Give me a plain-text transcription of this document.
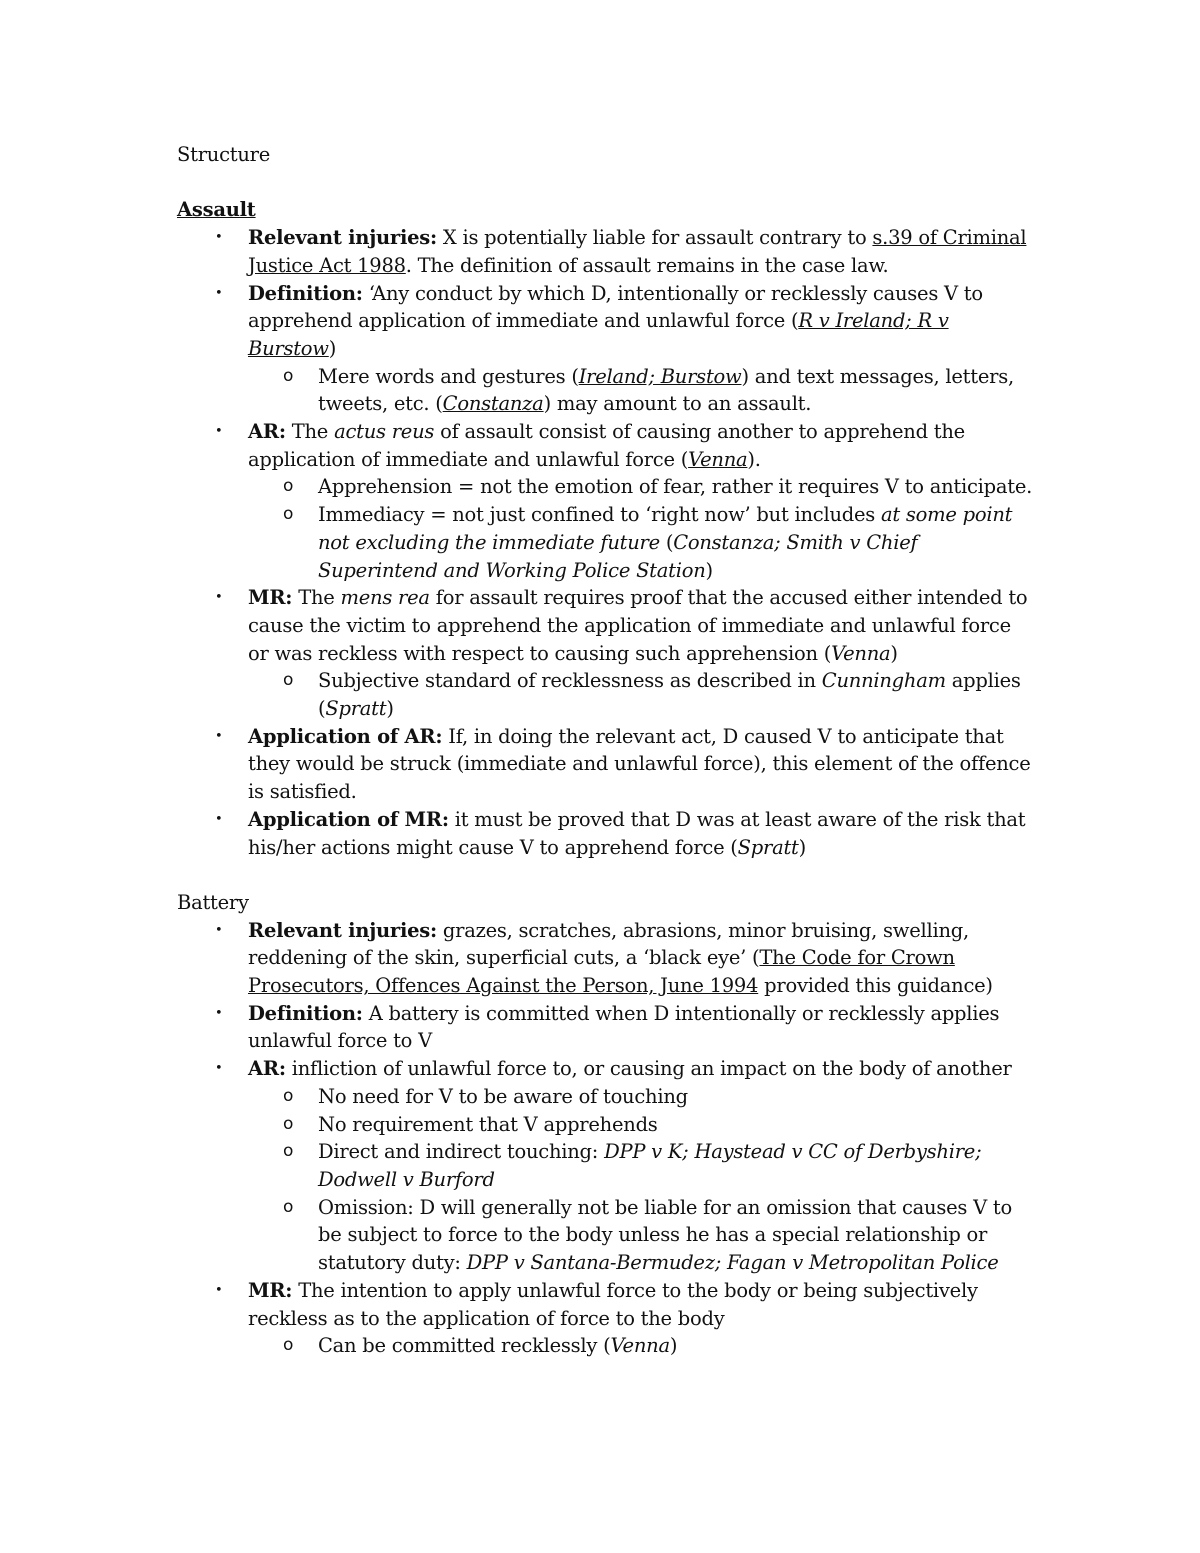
Structure

Assault

• Relevant injuries: X is potentially liable for assault contrary to s.39 of Criminal Justice Act 1988. The definition of assault remains in the case law.

• Definition: ‘Any conduct by which D, intentionally or recklessly causes V to apprehend application of immediate and unlawful force (R v Ireland; R v Burstow)

o Mere words and gestures (Ireland; Burstow) and text messages, letters, tweets, etc. (Constanza) may amount to an assault.

• AR: The actus reus of assault consist of causing another to apprehend the application of immediate and unlawful force (Venna).

o Apprehension = not the emotion of fear, rather it requires V to anticipate.

o Immediacy = not just confined to ‘right now’ but includes at some point not excluding the immediate future (Constanza; Smith v Chief Superintend and Working Police Station)

• MR: The mens rea for assault requires proof that the accused either intended to cause the victim to apprehend the application of immediate and unlawful force or was reckless with respect to causing such apprehension (Venna)

o Subjective standard of recklessness as described in Cunningham applies (Spratt)

• Application of AR: If, in doing the relevant act, D caused V to anticipate that they would be struck (immediate and unlawful force), this element of the offence is satisfied.

• Application of MR: it must be proved that D was at least aware of the risk that his/her actions might cause V to apprehend force (Spratt)

Battery

• Relevant injuries: grazes, scratches, abrasions, minor bruising, swelling, reddening of the skin, superficial cuts, a ‘black eye’ (The Code for Crown Prosecutors, Offences Against the Person, June 1994 provided this guidance)

• Definition: A battery is committed when D intentionally or recklessly applies unlawful force to V

• AR: infliction of unlawful force to, or causing an impact on the body of another

o No need for V to be aware of touching

o No requirement that V apprehends

o Direct and indirect touching: DPP v K; Haystead v CC of Derbyshire; Dodwell v Burford

o Omission: D will generally not be liable for an omission that causes V to be subject to force to the body unless he has a special relationship or statutory duty: DPP v Santana-Bermudez; Fagan v Metropolitan Police

• MR: The intention to apply unlawful force to the body or being subjectively reckless as to the application of force to the body

o Can be committed recklessly (Venna)
